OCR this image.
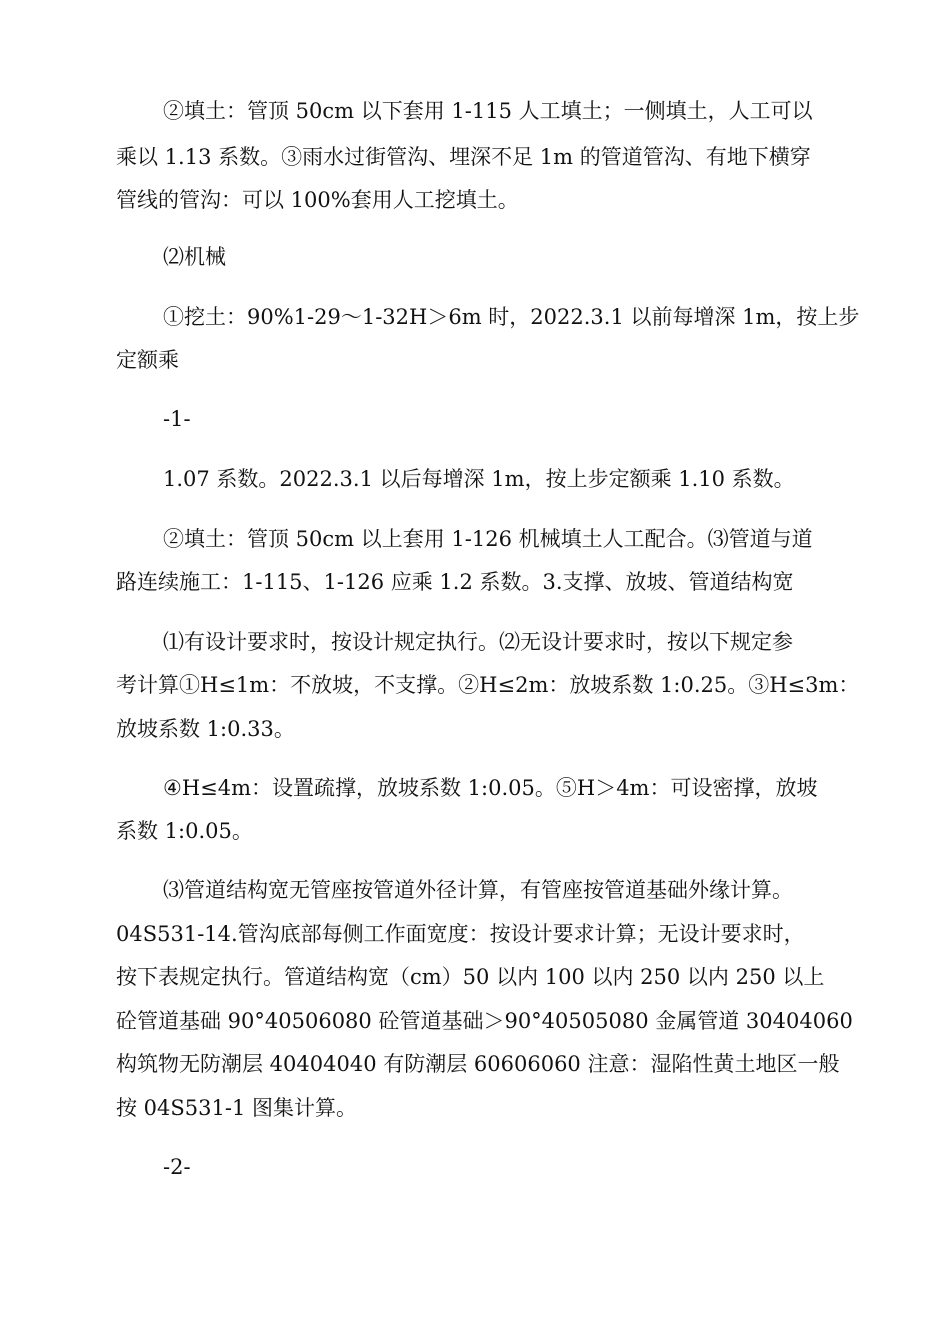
②填土：管顶 50cm 以下套用 1-115 人工填土；一侧填土，人工可以
乘以 1.13 系数。③雨水过街管沟、埋深不足 1m 的管道管沟、有地下横穿
管线的管沟：可以 100%套用人工挖填土。
⑵机械
①挖土：90%1-29～1-32H＞6m 时，2022.3.1 以前每增深 1m，按上步
定额乘
-1-
1.07 系数。2022.3.1 以后每增深 1m，按上步定额乘 1.10 系数。
②填土：管顶 50cm 以上套用 1-126 机械填土人工配合。⑶管道与道
路连续施工：1-115、1-126 应乘 1.2 系数。3.支撑、放坡、管道结构宽
⑴有设计要求时，按设计规定执行。⑵无设计要求时，按以下规定参
考计算①H≤1m：不放坡，不支撑。②H≤2m：放坡系数 1:0.25。③H≤3m：
放坡系数 1:0.33。
④H≤4m：设置疏撑，放坡系数 1:0.05。⑤H＞4m：可设密撑，放坡
系数 1:0.05。
⑶管道结构宽无管座按管道外径计算，有管座按管道基础外缘计算。
04S531-14.管沟底部每侧工作面宽度：按设计要求计算；无设计要求时，
按下表规定执行。管道结构宽（cm）50 以内 100 以内 250 以内 250 以上
砼管道基础 90°40506080 砼管道基础＞90°40505080 金属管道 30404060
构筑物无防潮层 40404040 有防潮层 60606060 注意：湿陷性黄土地区一般
按 04S531-1 图集计算。
-2-
